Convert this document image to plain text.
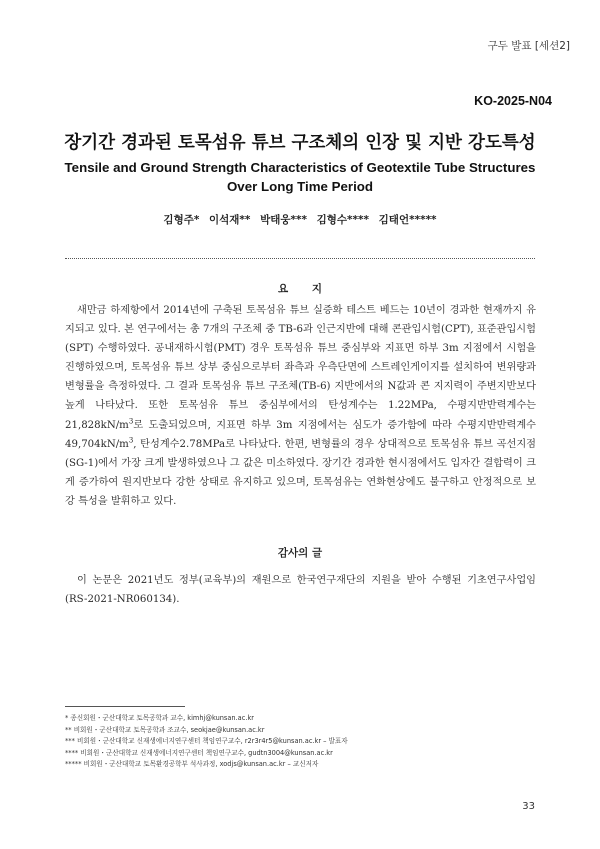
구두 발표 [세션2]
KO-2025-N04
장기간 경과된 토목섬유 튜브 구조체의 인장 및 지반 강도특성
Tensile and Ground Strength Characteristics of Geotextile Tube Structures
Over Long Time Period
김형주* 이석재** 박태웅*** 김형수**** 김태언*****
요 지
새만금 하제항에서 2014년에 구축된 토목섬유 튜브 실증화 테스트 베드는 10년이 경과한 현재까지 유지되고 있다. 본 연구에서는 총 7개의 구조체 중 TB-6과 인근지반에 대해 콘관입시험(CPT), 표준관입시험(SPT) 수행하였다. 공내재하시험(PMT) 경우 토목섬유 튜브 중심부와 지표면 하부 3m 지점에서 시험을 진행하였으며, 토목섬유 튜브 상부 중심으로부터 좌측과 우측단면에 스트레인게이지를 설치하여 변위량과 변형률을 측정하였다. 그 결과 토목섬유 튜브 구조체(TB-6) 지반에서의 N값과 콘 지지력이 주변지반보다 높게 나타났다. 또한 토목섬유 튜브 중심부에서의 탄성계수는 1.22MPa, 수평지반반력계수는 $21,828kN/m^3$로 도출되었으며, 지표면 하부 3m 지점에서는 심도가 증가함에 따라 수평지반반력계수 $49,704kN/m^3$, 탄성계수2.78MPa로 나타났다. 한편, 변형률의 경우 상대적으로 토목섬유 튜브 곡선지점(SG-1)에서 가장 크게 발생하였으나 그 값은 미소하였다. 장기간 경과한 현시점에서도 입자간 결합력이 크게 증가하여 원지반보다 강한 상태로 유지하고 있으며, 토목섬유는 연화현상에도 불구하고 안정적으로 보강 특성을 발휘하고 있다.
감사의 글
이 논문은 2021년도 정부(교육부)의 재원으로 한국연구재단의 지원을 받아 수행된 기초연구사업임(RS-2021-NR060134).
* 종신회원・군산대학교 토목공학과 교수, kimhj@kunsan.ac.kr
** 비회원・군산대학교 토목공학과 조교수, seokjae@kunsan.ac.kr
*** 비회원・군산대학교 신재생에너지연구센터 책임연구교수, r2r3r4r5@kunsan.ac.kr – 발표자
**** 비회원・군산대학교 신재생에너지연구센터 책임연구교수, gudtn3004@kunsan.ac.kr
***** 비회원・군산대학교 토목환경공학부 석사과정, xodjs@kunsan.ac.kr – 교신저자
33
